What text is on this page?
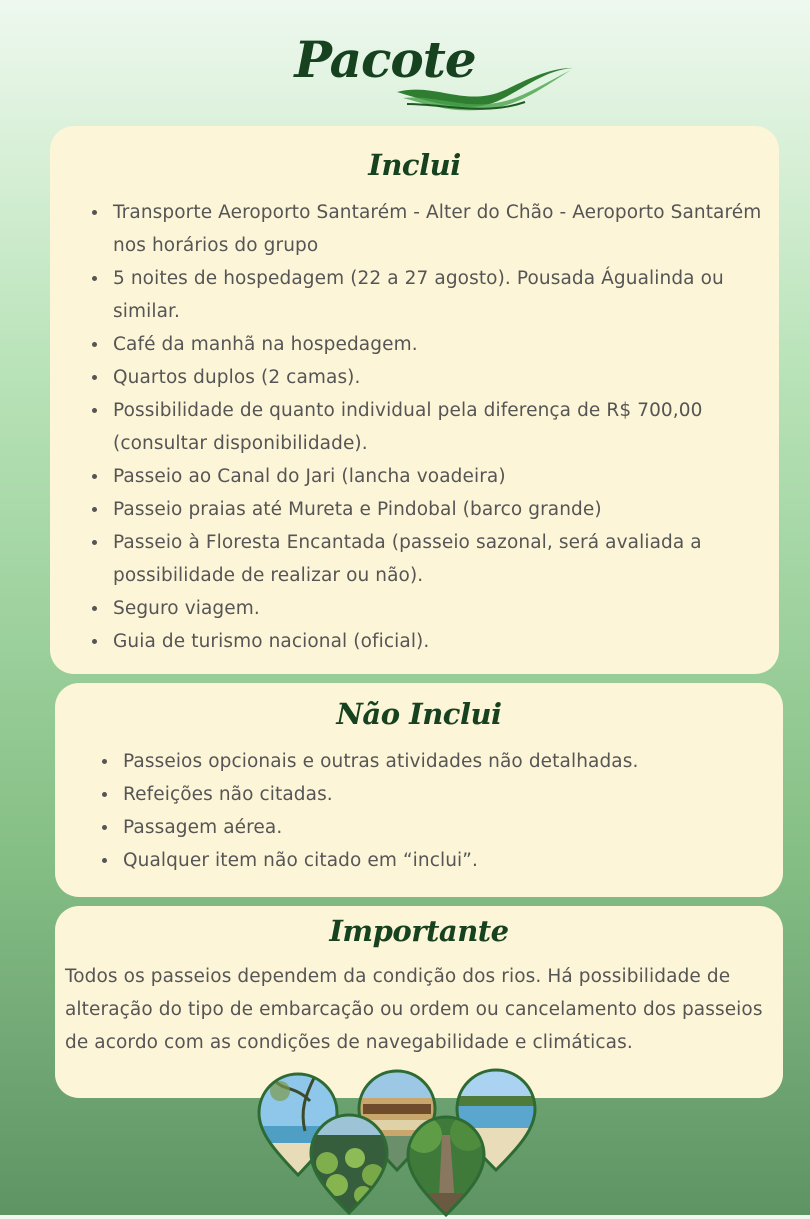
Pacote
Inclui
Transporte Aeroporto Santarém - Alter do Chão - Aeroporto Santarém nos horários do grupo
5 noites de hospedagem (22 a 27 agosto). Pousada Águalinda ou similar.
Café da manhã na hospedagem.
Quartos duplos (2 camas).
Possibilidade de quanto individual pela diferença de R$ 700,00 (consultar disponibilidade).
Passeio ao Canal do Jari (lancha voadeira)
Passeio praias até Mureta e Pindobal (barco grande)
Passeio à Floresta Encantada (passeio sazonal, será avaliada a possibilidade de realizar ou não).
Seguro viagem.
Guia de turismo nacional (oficial).
Não Inclui
Passeios opcionais e outras atividades não detalhadas.
Refeições não citadas.
Passagem aérea.
Qualquer item não citado em “inclui”.
Importante

Todos os passeios dependem da condição dos rios. Há possibilidade de alteração do tipo de embarcação ou ordem ou cancelamento dos passeios de acordo com as condições de navegabilidade e climáticas.
